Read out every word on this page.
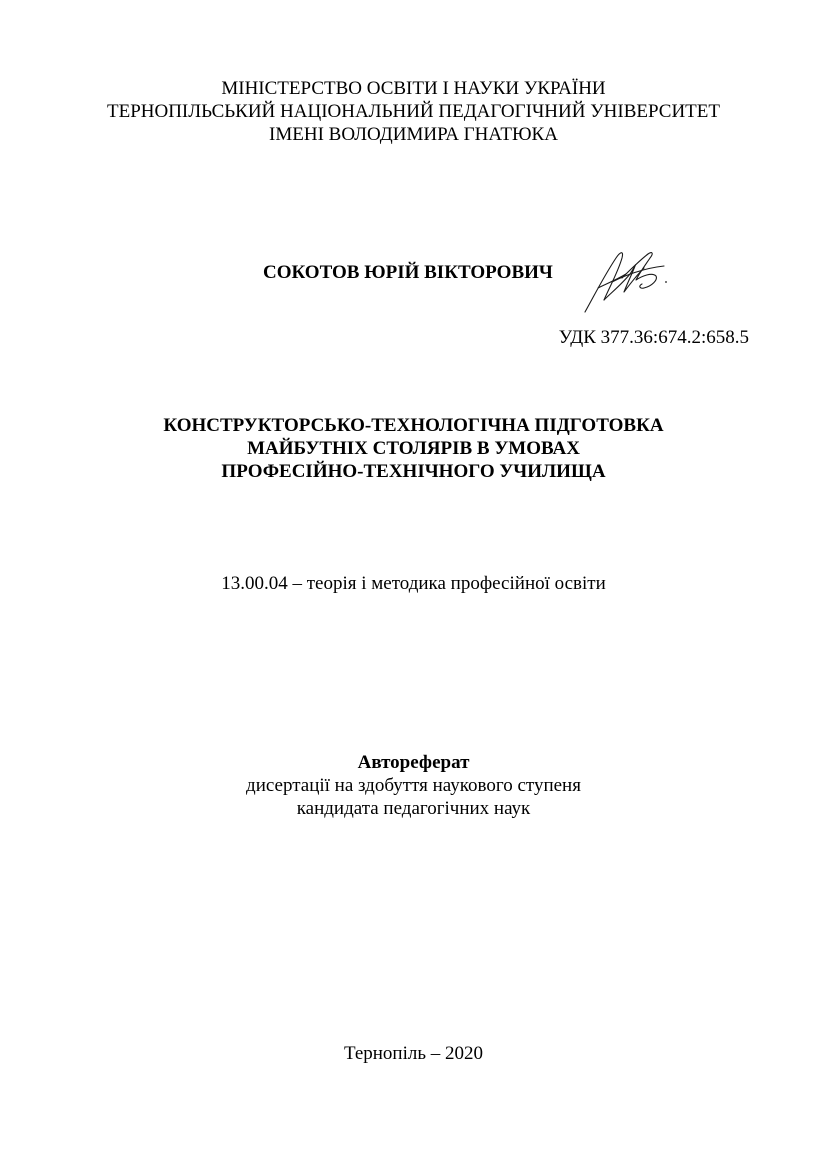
МІНІСТЕРСТВО ОСВІТИ І НАУКИ УКРАЇНИ
ТЕРНОПІЛЬСЬКИЙ НАЦІОНАЛЬНИЙ ПЕДАГОГІЧНИЙ УНІВЕРСИТЕТ
ІМЕНІ ВОЛОДИМИРА ГНАТЮКА
СОКОТОВ ЮРІЙ ВІКТОРОВИЧ
УДК 377.36:674.2:658.5
КОНСТРУКТОРСЬКО-ТЕХНОЛОГІЧНА ПІДГОТОВКА
МАЙБУТНІХ СТОЛЯРІВ В УМОВАХ
ПРОФЕСІЙНО-ТЕХНІЧНОГО УЧИЛИЩА
13.00.04 – теорія і методика професійної освіти
Автореферат
дисертації на здобуття наукового ступеня
кандидата педагогічних наук
Тернопіль – 2020
